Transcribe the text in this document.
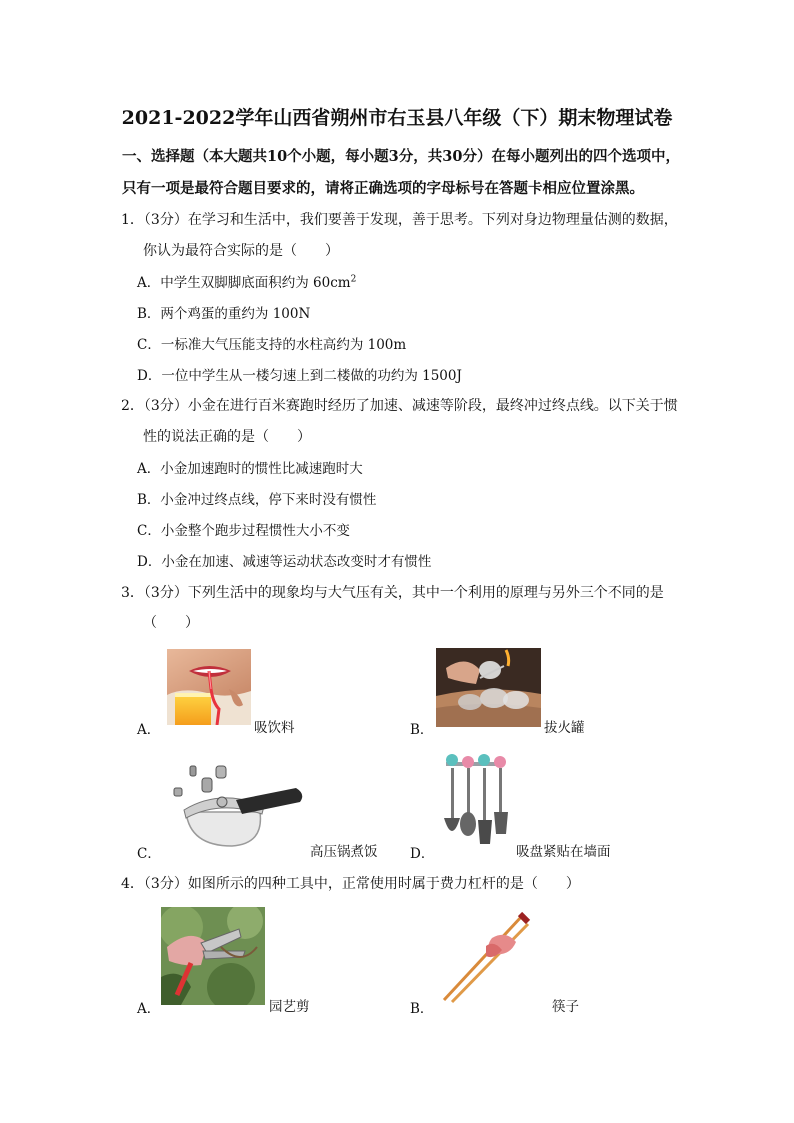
2021-2022学年山西省朔州市右玉县八年级（下）期末物理试卷
一、选择题（本大题共10个小题，每小题3分，共30分）在每小题列出的四个选项中，
只有一项是最符合题目要求的，请将正确选项的字母标号在答题卡相应位置涂黑。
1．（3分）在学习和生活中，我们要善于发现，善于思考。下列对身边物理量估测的数据，
你认为最符合实际的是（　　）
A．中学生双脚脚底面积约为 $60cm^2$
B．两个鸡蛋的重约为 100N
C．一标准大气压能支持的水柱高约为 100m
D．一位中学生从一楼匀速上到二楼做的功约为 1500J
2．（3分）小金在进行百米赛跑时经历了加速、减速等阶段，最终冲过终点线。以下关于惯
性的说法正确的是（　　）
A．小金加速跑时的惯性比减速跑时大
B．小金冲过终点线，停下来时没有惯性
C．小金整个跑步过程惯性大小不变
D．小金在加速、减速等运动状态改变时才有惯性
3．（3分）下列生活中的现象均与大气压有关，其中一个利用的原理与另外三个不同的是
（　　）
A．	吸饮料	B．	拔火罐
C．	高压锅煮饭 D．	吸盘紧贴在墙面
4．（3分）如图所示的四种工具中，正常使用时属于费力杠杆的是（　　）
A．	园艺剪	B．	筷子
